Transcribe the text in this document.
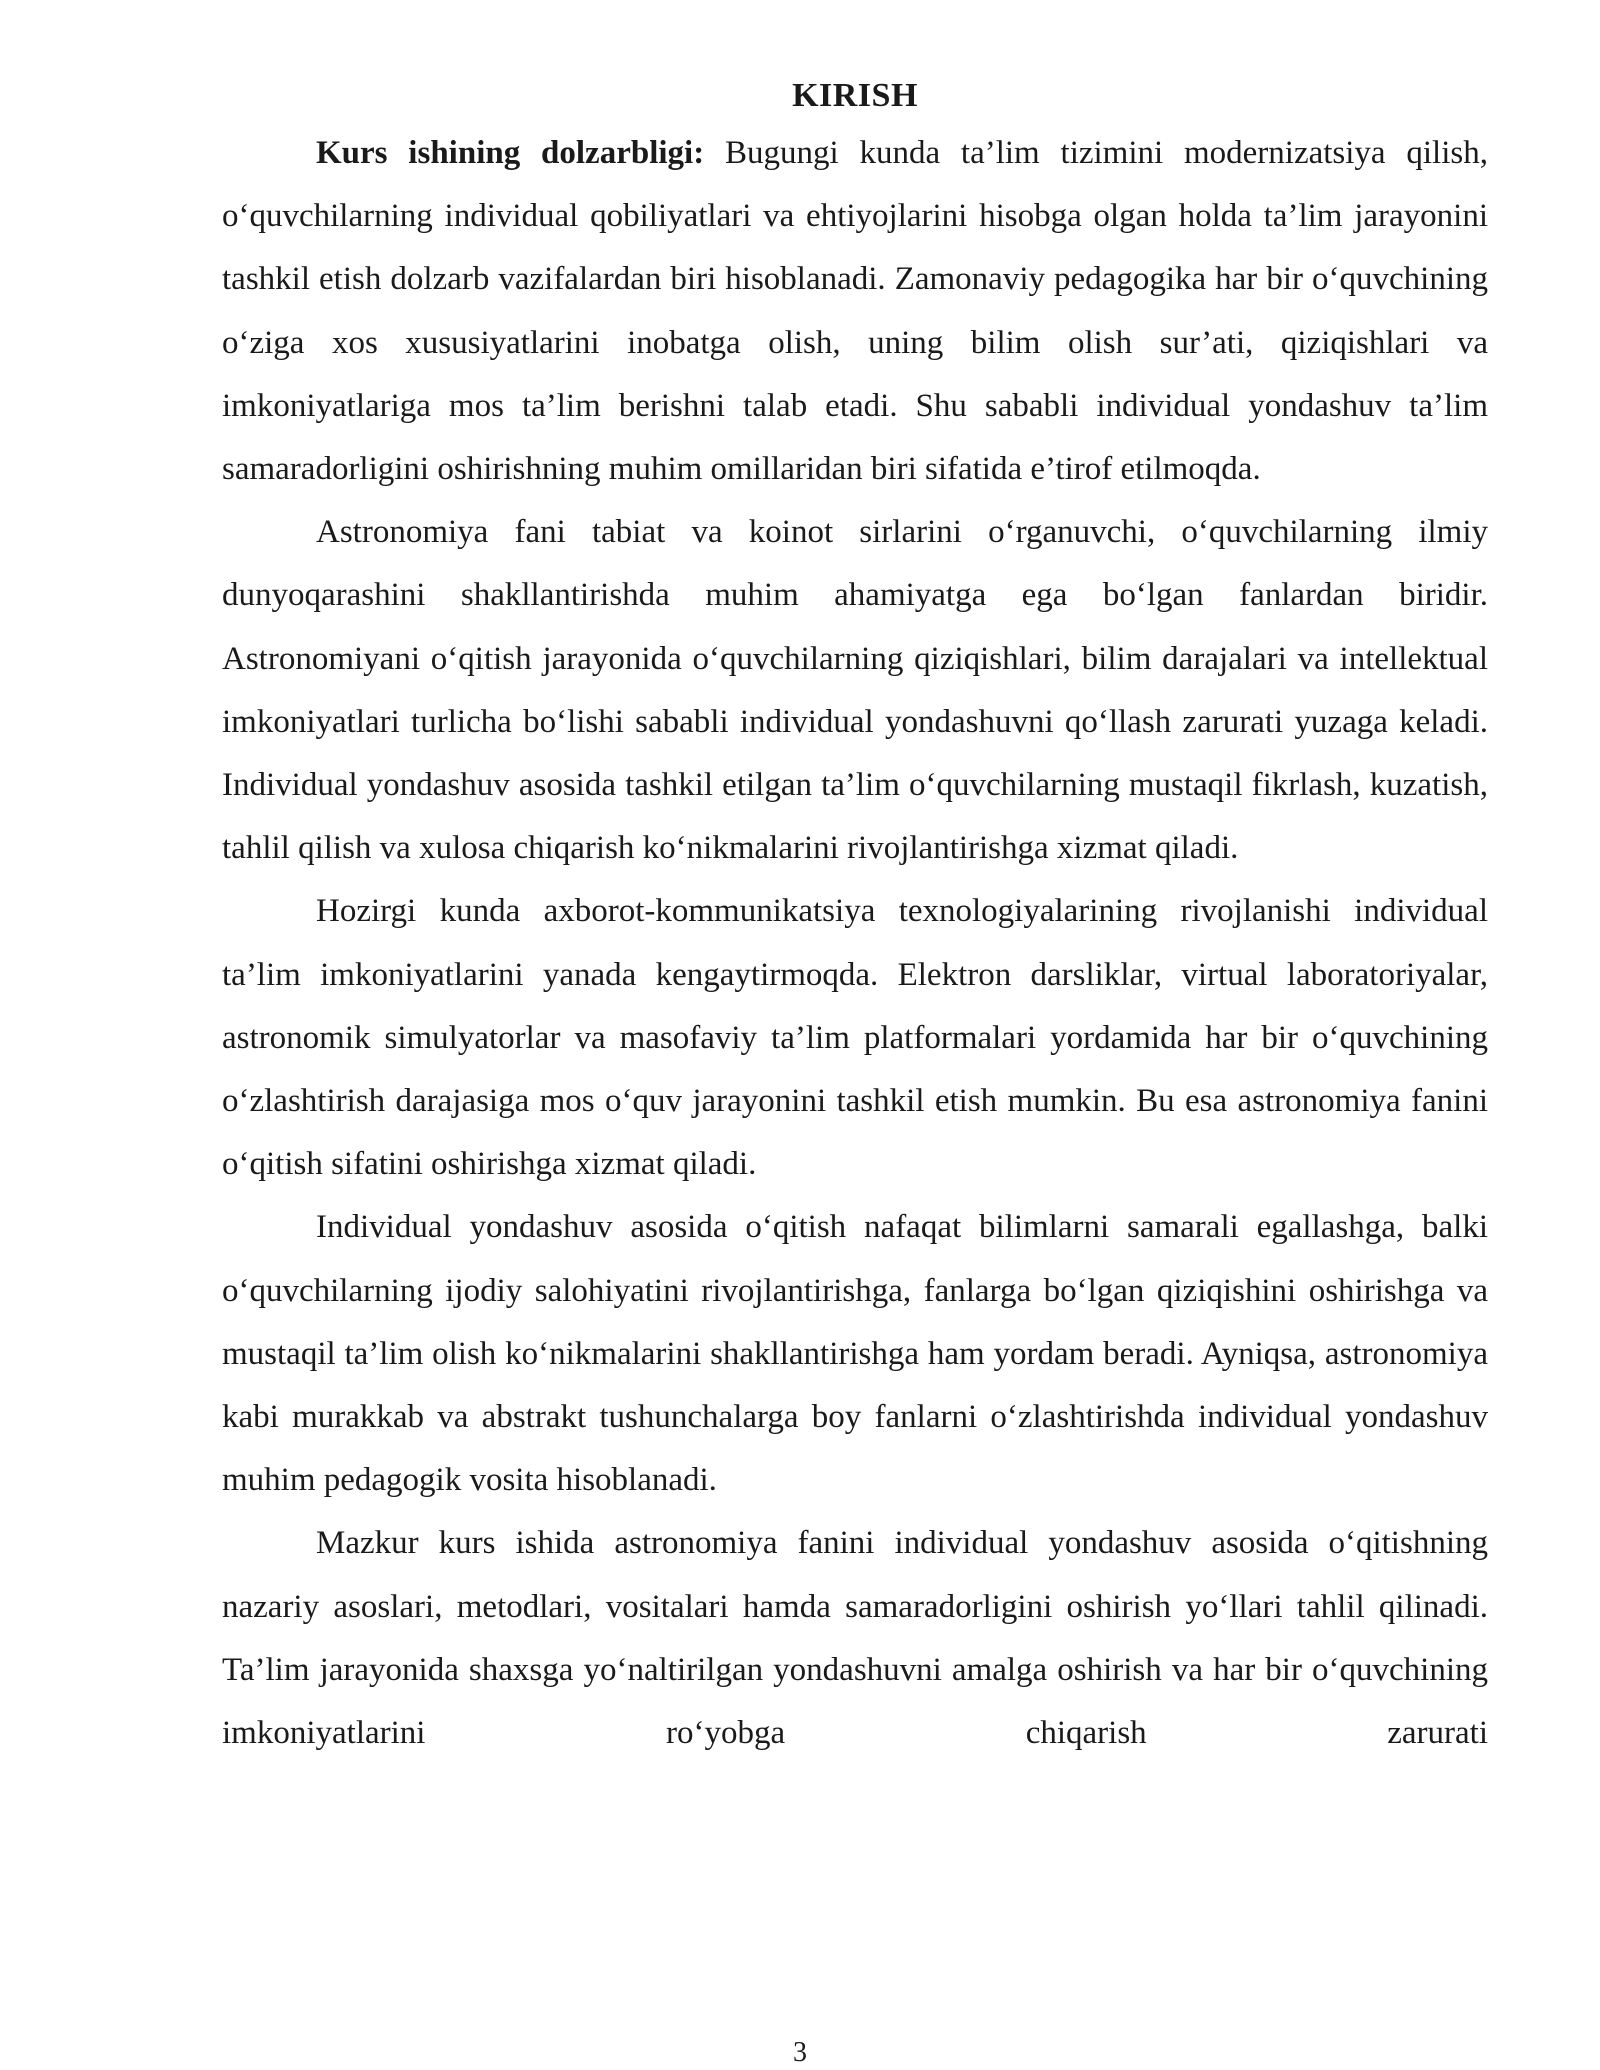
KIRISH

Kurs ishining dolzarbligi: Bugungi kunda ta’lim tizimini modernizatsiya qilish, o‘quvchilarning individual qobiliyatlari va ehtiyojlarini hisobga olgan holda ta’lim jarayonini tashkil etish dolzarb vazifalardan biri hisoblanadi. Zamonaviy pedagogika har bir o‘quvchining o‘ziga xos xususiyatlarini inobatga olish, uning bilim olish sur’ati, qiziqishlari va imkoniyatlariga mos ta’lim berishni talab etadi. Shu sababli individual yondashuv ta’lim samaradorligini oshirishning muhim omillaridan biri sifatida e’tirof etilmoqda.

Astronomiya fani tabiat va koinot sirlarini o‘rganuvchi, o‘quvchilarning ilmiy dunyoqarashini shakllantirishda muhim ahamiyatga ega bo‘lgan fanlardan biridir. Astronomiyani o‘qitish jarayonida o‘quvchilarning qiziqishlari, bilim darajalari va intellektual imkoniyatlari turlicha bo‘lishi sababli individual yondashuvni qo‘llash zarurati yuzaga keladi. Individual yondashuv asosida tashkil etilgan ta’lim o‘quvchilarning mustaqil fikrlash, kuzatish, tahlil qilish va xulosa chiqarish ko‘nikmalarini rivojlantirishga xizmat qiladi.

Hozirgi kunda axborot-kommunikatsiya texnologiyalarining rivojlanishi individual ta’lim imkoniyatlarini yanada kengaytirmoqda. Elektron darsliklar, virtual laboratoriyalar, astronomik simulyatorlar va masofaviy ta’lim platformalari yordamida har bir o‘quvchining o‘zlashtirish darajasiga mos o‘quv jarayonini tashkil etish mumkin. Bu esa astronomiya fanini o‘qitish sifatini oshirishga xizmat qiladi.

Individual yondashuv asosida o‘qitish nafaqat bilimlarni samarali egallashga, balki o‘quvchilarning ijodiy salohiyatini rivojlantirishga, fanlarga bo‘lgan qiziqishini oshirishga va mustaqil ta’lim olish ko‘nikmalarini shakllantirishga ham yordam beradi. Ayniqsa, astronomiya kabi murakkab va abstrakt tushunchalarga boy fanlarni o‘zlashtirishda individual yondashuv muhim pedagogik vosita hisoblanadi.

Mazkur kurs ishida astronomiya fanini individual yondashuv asosida o‘qitishning nazariy asoslari, metodlari, vositalari hamda samaradorligini oshirish yo‘llari tahlil qilinadi. Ta’lim jarayonida shaxsga yo‘naltirilgan yondashuvni amalga oshirish va har bir o‘quvchining imkoniyatlarini ro‘yobga chiqarish zarurati

3
